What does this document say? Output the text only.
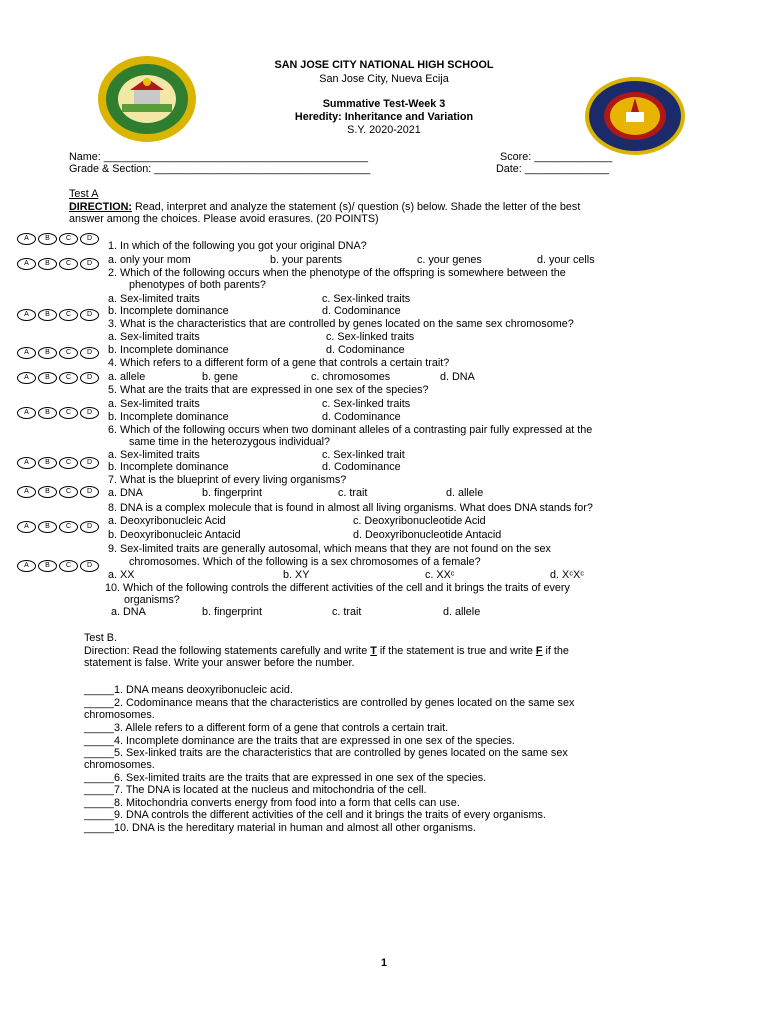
SAN JOSE CITY NATIONAL HIGH SCHOOL
San Jose City, Nueva Ecija
Summative Test-Week 3
Heredity: Inheritance and Variation
S.Y. 2020-2021
Name: ____________________________________________	Score: _____________
Grade & Section: ____________________________________	Date: ______________
Test A
DIRECTION: Read, interpret and analyze the statement (s)/ question (s) below. Shade the letter of the best
answer among the choices. Please avoid erasures. (20 POINTS)
A	B	C	D
A	B	C	D
A	B	C	D
A	B	C	D
A	B	C	D
A	B	C	D
A	B	C	D
A	B	C	D
A	B	C	D
A	B	C	D
1. In which of the following you got your original DNA?
a. only your mom	b. your parents	c. your genes	d. your cells
2. Which of the following occurs when the phenotype of the offspring is somewhere between the
phenotypes of both parents?
a. Sex-limited traits	c. Sex-linked traits
b. Incomplete dominance	d. Codominance
3. What is the characteristics that are controlled by genes located on the same sex chromosome?
a. Sex-limited traits	c. Sex-linked traits
b. Incomplete dominance	d. Codominance
4. Which refers to a different form of a gene that controls a certain trait?
a. allele	b. gene	c. chromosomes	d. DNA
5. What are the traits that are expressed in one sex of the species?
a. Sex-limited traits	c. Sex-linked traits
b. Incomplete dominance	d. Codominance
6. Which of the following occurs when two dominant alleles of a contrasting pair fully expressed at the
same time in the heterozygous individual?
a. Sex-limited traits	c. Sex-linked trait
b. Incomplete dominance	d. Codominance
7. What is the blueprint of every living organisms?
a. DNA	b. fingerprint	c. trait	d. allele
8. DNA is a complex molecule that is found in almost all living organisms. What does DNA stands for?
a. Deoxyribonucleic Acid	c. Deoxyribonucleotide Acid
b. Deoxyribonucleic Antacid	d. Deoxyribonucleotide Antacid
9. Sex-limited traits are generally autosomal, which means that they are not found on the sex
chromosomes. Which of the following is a sex chromosomes of a female?
a. XX	b. XY	c. XXᶜ	d. XᶜXᶜ
10. Which of the following controls the different activities of the cell and it brings the traits of every
organisms?
a. DNA	b. fingerprint	c. trait	d. allele
Test B.
Direction: Read the following statements carefully and write T if the statement is true and write F if the
statement is false. Write your answer before the number.
_____1. DNA means deoxyribonucleic acid.
_____2. Codominance means that the characteristics are controlled by genes located on the same sex
chromosomes.
_____3. Allele refers to a different form of a gene that controls a certain trait.
_____4. Incomplete dominance are the traits that are expressed in one sex of the species.
_____5. Sex-linked traits are the characteristics that are controlled by genes located on the same sex
chromosomes.
_____6. Sex-limited traits are the traits that are expressed in one sex of the species.
_____7. The DNA is located at the nucleus and mitochondria of the cell.
_____8. Mitochondria converts energy from food into a form that cells can use.
_____9. DNA controls the different activities of the cell and it brings the traits of every organisms.
_____10. DNA is the hereditary material in human and almost all other organisms.
1
